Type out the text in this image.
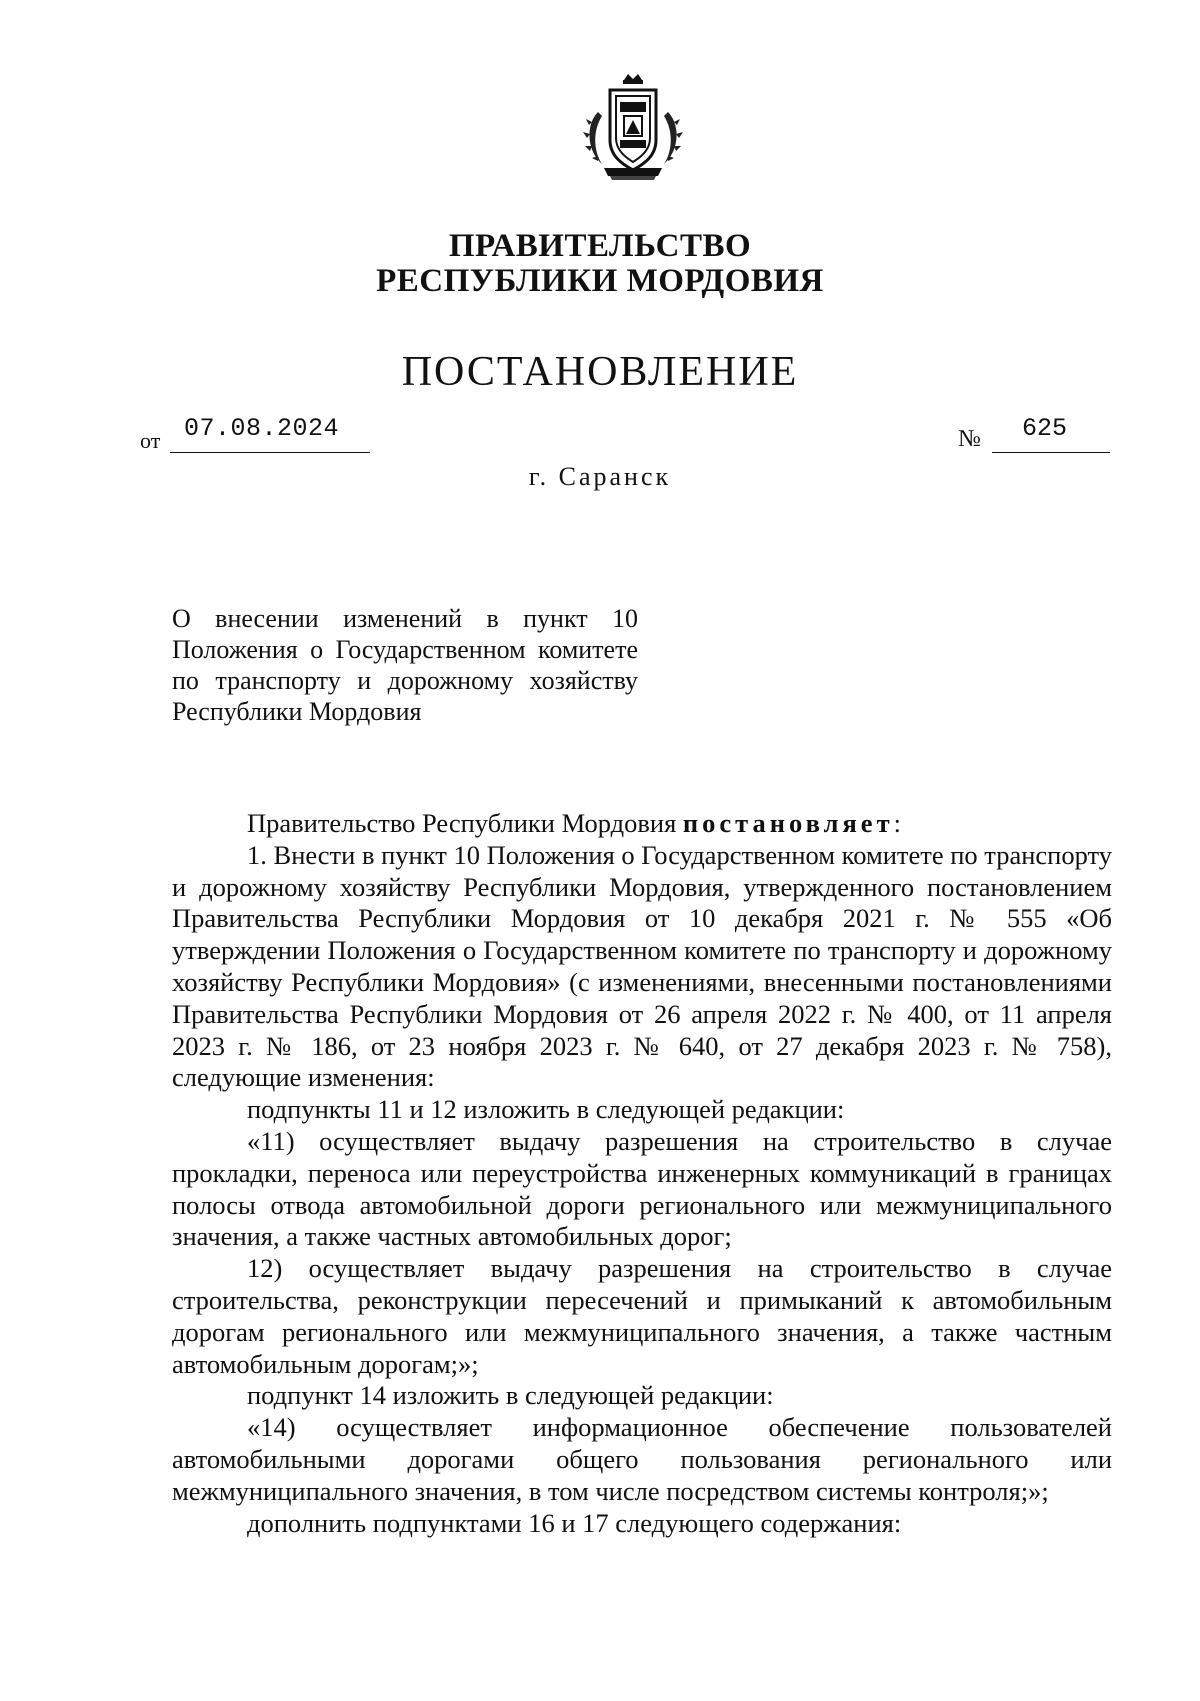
ПРАВИТЕЛЬСТВО
РЕСПУБЛИКИ МОРДОВИЯ
ПОСТАНОВЛЕНИЕ
от 07.08.2024	№ 625
г. Саранск
О внесении изменений в пункт 10 Положения о Государственном комитете по транспорту и дорожному хозяйству Республики Мордовия

Правительство Республики Мордовия постановляет:

1. Внести в пункт 10 Положения о Государственном комитете по транспорту и дорожному хозяйству Республики Мордовия, утвержденного постановлением Правительства Республики Мордовия от 10 декабря 2021 г. № 555 «Об утверждении Положения о Государственном комитете по транспорту и дорожному хозяйству Республики Мордовия» (с изменениями, внесенными постановлениями Правительства Республики Мордовия от 26 апреля 2022 г. № 400, от 11 апреля 2023 г. № 186, от 23 ноября 2023 г. № 640, от 27 декабря 2023 г. № 758), следующие изменения:

подпункты 11 и 12 изложить в следующей редакции:

«11) осуществляет выдачу разрешения на строительство в случае прокладки, переноса или переустройства инженерных коммуникаций в границах полосы отвода автомобильной дороги регионального или межмуниципального значения, а также частных автомобильных дорог;

12) осуществляет выдачу разрешения на строительство в случае строительства, реконструкции пересечений и примыканий к автомобильным дорогам регионального или межмуниципального значения, а также частным автомобильным дорогам;»;

подпункт 14 изложить в следующей редакции:

«14) осуществляет информационное обеспечение пользователей автомобильными дорогами общего пользования регионального или межмуниципального значения, в том числе посредством системы контроля;»;

дополнить подпунктами 16 и 17 следующего содержания:
